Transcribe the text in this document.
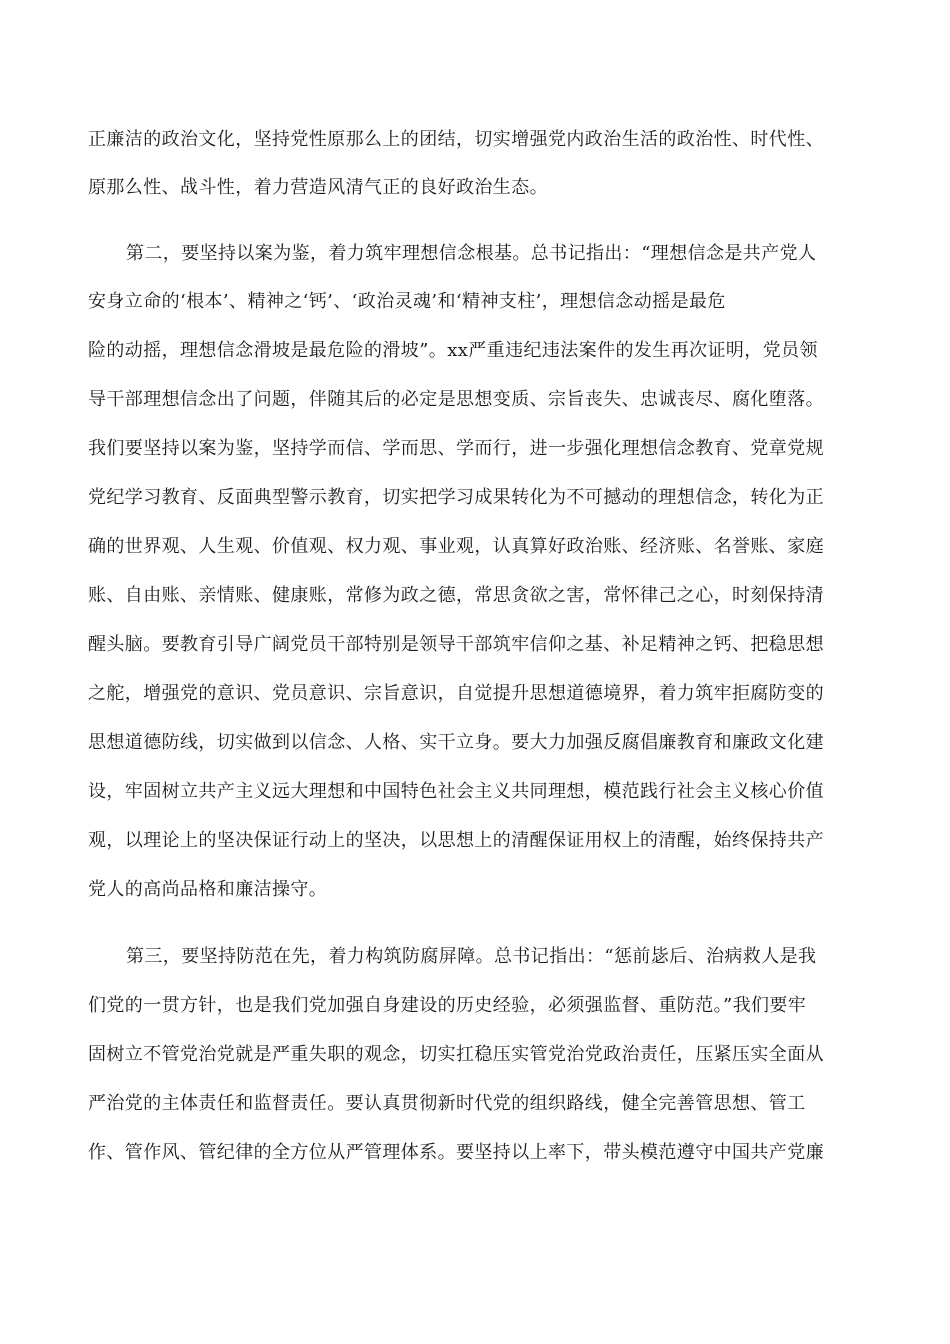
正廉洁的政治文化，坚持党性原那么上的团结，切实增强党内政治生活的政治性、时代性、
原那么性、战斗性，着力营造风清气正的良好政治生态。
第二，要坚持以案为鉴，着力筑牢理想信念根基。总书记指出：“理想信念是共产党人
安身立命的‘根本’、精神之‘钙’、‘政治灵魂’和‘精神支柱’，理想信念动摇是最危
险的动摇，理想信念滑坡是最危险的滑坡”。xx严重违纪违法案件的发生再次证明，党员领
导干部理想信念出了问题，伴随其后的必定是思想变质、宗旨丧失、忠诚丧尽、腐化堕落。
我们要坚持以案为鉴，坚持学而信、学而思、学而行，进一步强化理想信念教育、党章党规
党纪学习教育、反面典型警示教育，切实把学习成果转化为不可撼动的理想信念，转化为正
确的世界观、人生观、价值观、权力观、事业观，认真算好政治账、经济账、名誉账、家庭
账、自由账、亲情账、健康账，常修为政之德，常思贪欲之害，常怀律己之心，时刻保持清
醒头脑。要教育引导广阔党员干部特别是领导干部筑牢信仰之基、补足精神之钙、把稳思想
之舵，增强党的意识、党员意识、宗旨意识，自觉提升思想道德境界，着力筑牢拒腐防变的
思想道德防线，切实做到以信念、人格、实干立身。要大力加强反腐倡廉教育和廉政文化建
设，牢固树立共产主义远大理想和中国特色社会主义共同理想，模范践行社会主义核心价值
观，以理论上的坚决保证行动上的坚决，以思想上的清醒保证用权上的清醒，始终保持共产
党人的高尚品格和廉洁操守。
第三，要坚持防范在先，着力构筑防腐屏障。总书记指出：“惩前毖后、治病救人是我
们党的一贯方针，也是我们党加强自身建设的历史经验，必须强监督、重防范。”我们要牢
固树立不管党治党就是严重失职的观念，切实扛稳压实管党治党政治责任，压紧压实全面从
严治党的主体责任和监督责任。要认真贯彻新时代党的组织路线，健全完善管思想、管工
作、管作风、管纪律的全方位从严管理体系。要坚持以上率下，带头模范遵守中国共产党廉
